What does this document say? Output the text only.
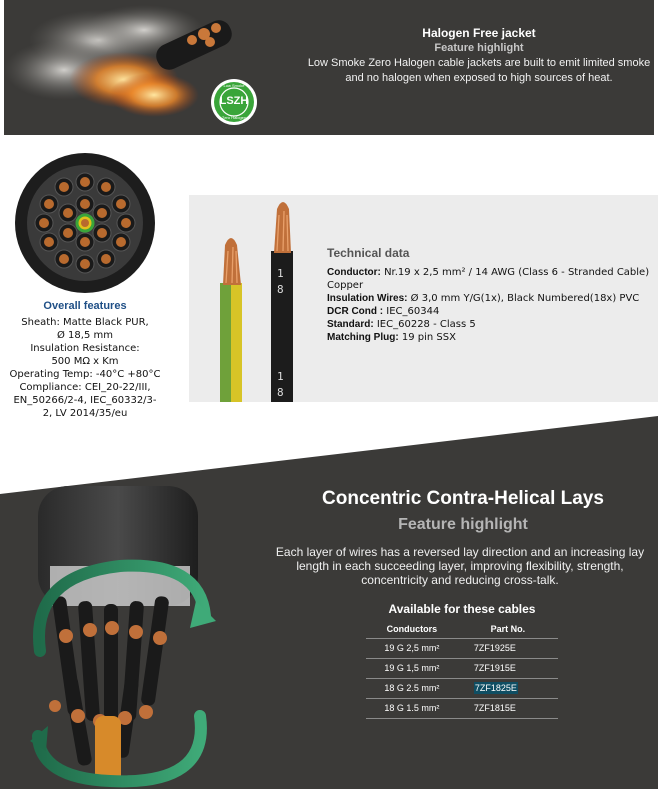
LSZH
Low Smoke
Zero Halogen
Halogen Free jacket
Feature highlight
Low Smoke Zero Halogen cable jackets are built to emit limited smoke and no halogen when exposed to high sources of heat.
Overall features
Sheath: Matte Black PUR,
Ø 18,5 mm
Insulation Resistance:
500 MΩ x Km
Operating Temp: -40°C +80°C
Compliance: CEI_20-22/III,
EN_50266/2-4, IEC_60332/3-
2, LV 2014/35/eu
1
8
1
8
Technical data
Conductor: Nr.19 x 2,5 mm² / 14 AWG (Class 6 - Stranded Cable) Copper
Insulation Wires: Ø 3,0 mm Y/G(1x), Black Numbered(18x) PVC
DCR Cond : IEC_60344
Standard: IEC_60228 - Class 5
Matching Plug: 19 pin SSX
Concentric Contra-Helical Lays
Feature highlight
Each layer of wires has a reversed lay direction and an increasing lay length in each succeeding layer, improving flexibility, strength, concentricity and reducing cross-talk.
Available for these cables
Conductors	Part No.
19 G 2,5 mm²	7ZF1925E
19 G 1,5 mm²	7ZF1915E
18 G 2.5 mm²	7ZF1825E
18 G 1.5 mm²	7ZF1815E
